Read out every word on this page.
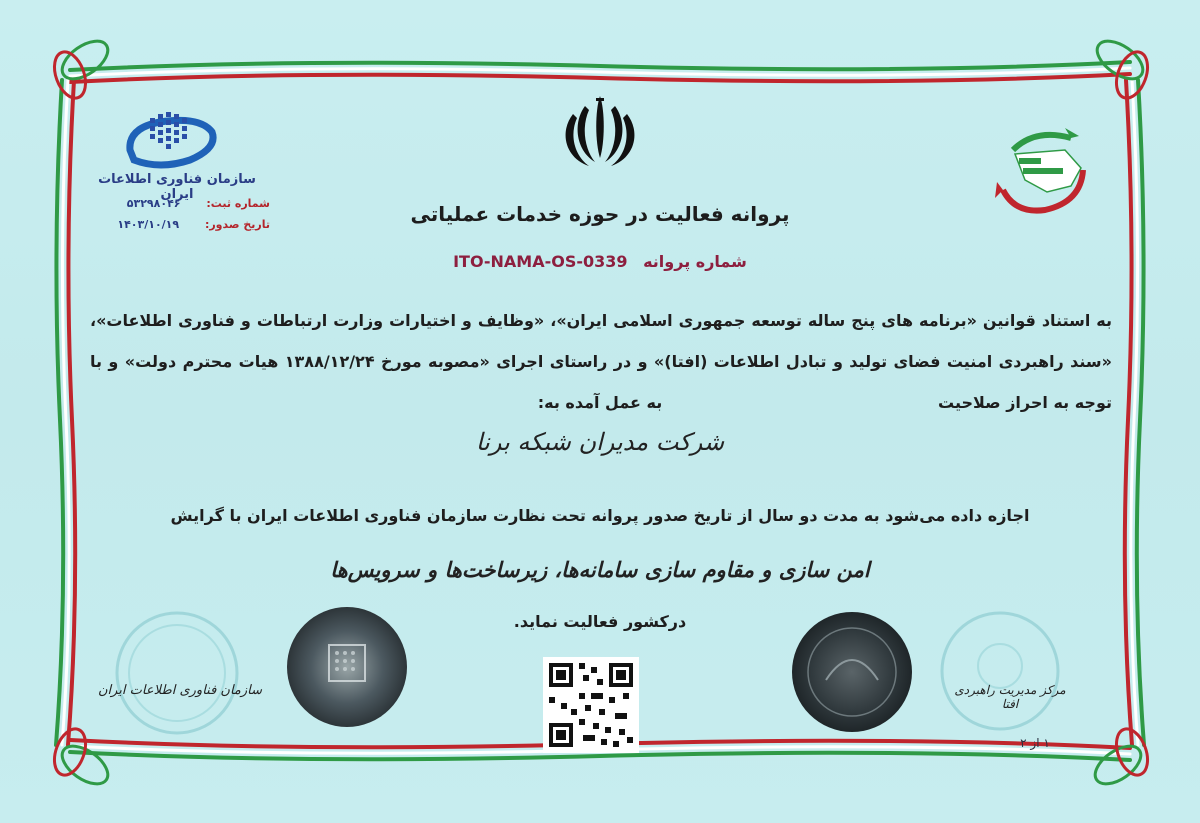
سازمان فناوری اطلاعات ایران
شماره ثبت: ۵۳۲۹۸۰۴۶
تاریخ صدور: ۱۴۰۳/۱۰/۱۹	پروانه فعالیت در حوزه خدمات عملیاتی
شماره پروانه ITO-NAMA-OS-0339
به استناد قوانین «برنامه های پنج ساله توسعه جمهوری اسلامی ایران»، «وظایف و اختیارات وزارت ارتباطات و فناوری اطلاعات»، «سند راهبردی امنیت فضای تولید و تبادل اطلاعات (افتا)» و در راستای اجرای «مصوبه مورخ ۱۳۸۸/۱۲/۲۴ هیات محترم دولت» و با توجه به احراز صلاحیت
به عمل آمده به:
شرکت مدیران شبکه برنا
اجازه داده می‌شود به مدت دو سال از تاریخ صدور پروانه تحت نظارت سازمان فناوری اطلاعات ایران با گرایش
امن سازی و مقاوم سازی سامانه‌ها، زیرساخت‌ها و سرویس‌ها
درکشور فعالیت نماید.
سازمان فناوری اطلاعات ایران	مرکز مدیریت راهبردی افتا
۱ از ۲
